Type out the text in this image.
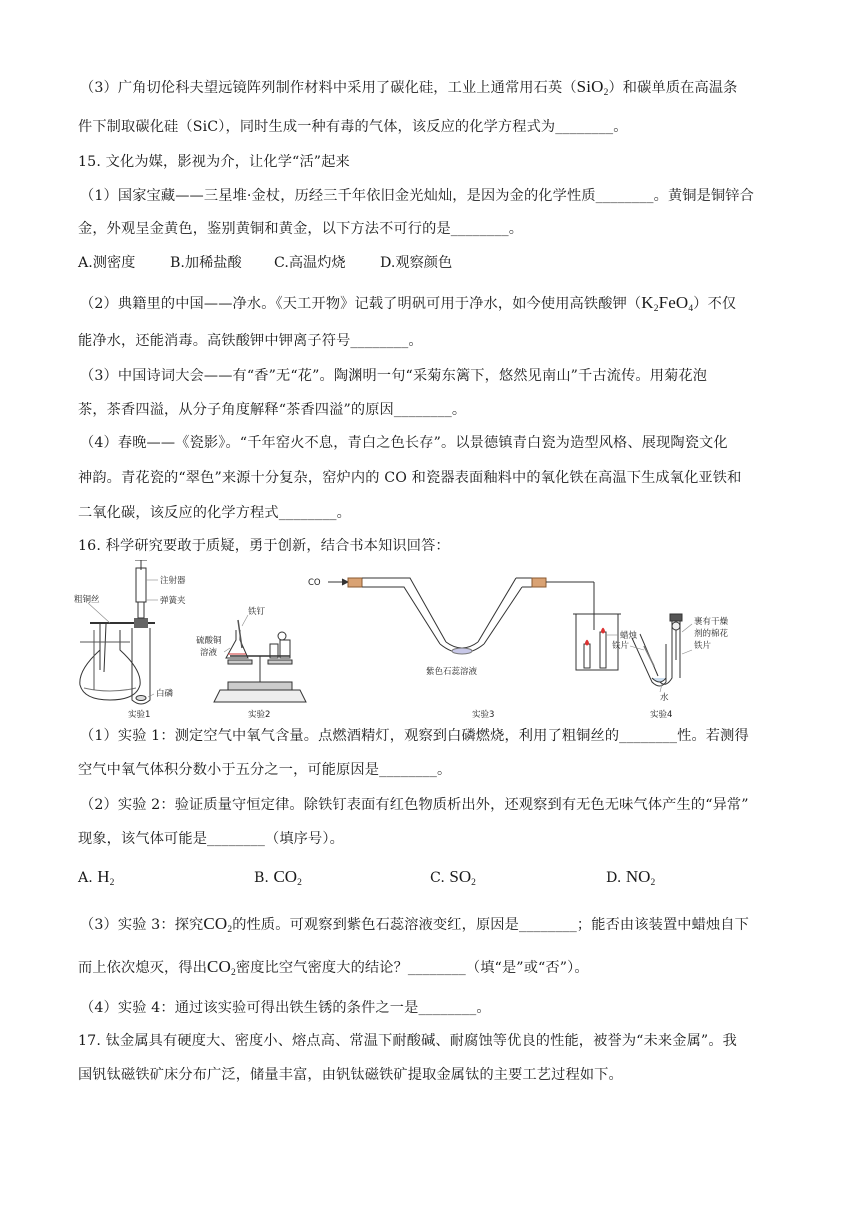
（3）广角切伦科夫望远镜阵列制作材料中采用了碳化硅，工业上通常用石英（SiO$_2$）和碳单质在高温条
件下制取碳化硅（SiC），同时生成一种有毒的气体，该反应的化学方程式为________。
15. 文化为媒，影视为介，让化学“活”起来
（1）国家宝藏——三星堆·金杖，历经三千年依旧金光灿灿，是因为金的化学性质________。黄铜是铜锌合
金，外观呈金黄色，鉴别黄铜和黄金，以下方法不可行的是________。
A.测密度 B.加稀盐酸 C.高温灼烧 D.观察颜色
（2）典籍里的中国——净水。《天工开物》记载了明矾可用于净水，如今使用高铁酸钾$(K_2FeO_4)$不仅
能净水，还能消毒。高铁酸钾中钾离子符号________。
（3）中国诗词大会——有“香”无“花”。陶渊明一句“采菊东篱下，悠然见南山”千古流传。用菊花泡
茶，茶香四溢，从分子角度解释“茶香四溢”的原因________。
（4）春晚——《瓷影》。“千年窑火不息，青白之色长存”。以景德镇青白瓷为造型风格、展现陶瓷文化
神韵。青花瓷的“翠色”来源十分复杂，窑炉内的 CO 和瓷器表面釉料中的氧化铁在高温下生成氧化亚铁和
二氧化碳，该反应的化学方程式________。
16. 科学研究要敢于质疑，勇于创新，结合书本知识回答：
粗铜丝
注射器
弹簧夹
白磷
实验1
铁钉
硫酸铜
溶液
实验2
CO
紫色石蕊溶液
蜡烛
实验3
裹有干燥
剂的棉花
铁片
铁片
水
实验4
（1）实验 1：测定空气中氧气含量。点燃酒精灯，观察到白磷燃烧，利用了粗铜丝的________性。若测得
空气中氧气体积分数小于五分之一，可能原因是________。
（2）实验 2：验证质量守恒定律。除铁钉表面有红色物质析出外，还观察到有无色无味气体产生的“异常”
现象，该气体可能是________（填序号）。
A. $H_2$	B. $CO_2$	C. $SO_2$	D. $NO_2$
（3）实验 3：探究$CO_2$的性质。可观察到紫色石蕊溶液变红，原因是________；能否由该装置中蜡烛自下
而上依次熄灭，得出$CO_2$密度比空气密度大的结论？________（填“是”或“否”）。
（4）实验 4：通过该实验可得出铁生锈的条件之一是________。
17. 钛金属具有硬度大、密度小、熔点高、常温下耐酸碱、耐腐蚀等优良的性能，被誉为“未来金属”。我
国钒钛磁铁矿床分布广泛，储量丰富，由钒钛磁铁矿提取金属钛的主要工艺过程如下。
